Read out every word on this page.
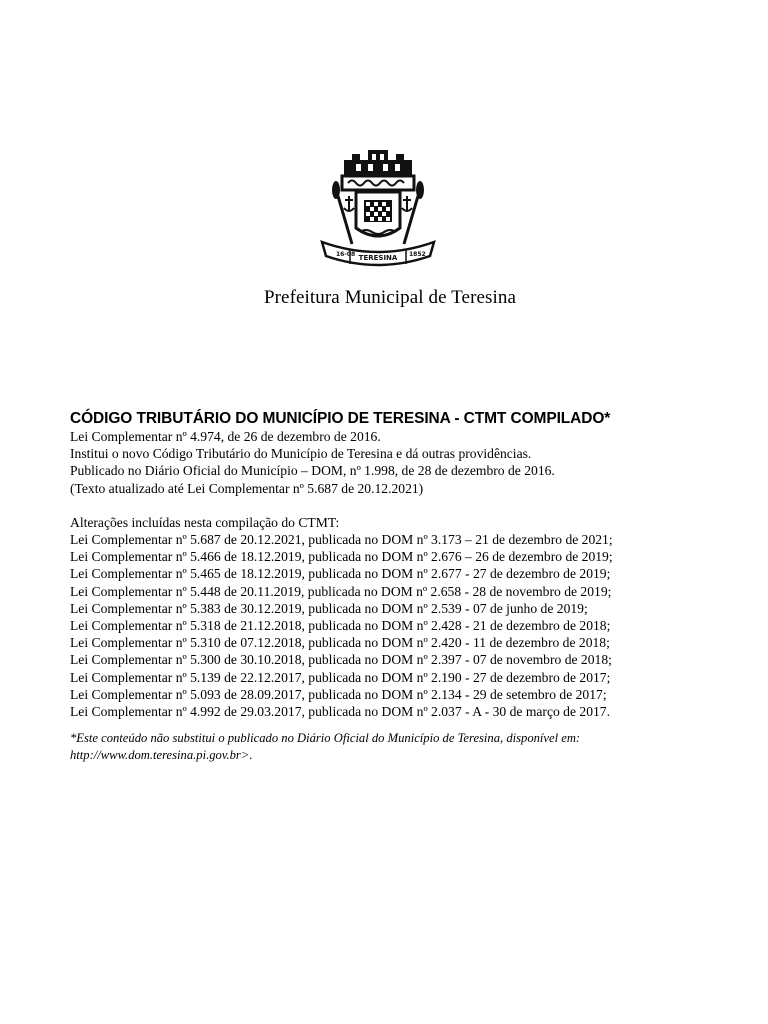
16-08 TERESINA 1852
Prefeitura Municipal de Teresina
CÓDIGO TRIBUTÁRIO DO MUNICÍPIO DE TERESINA - CTMT COMPILADO*
Lei Complementar nº 4.974, de 26 de dezembro de 2016.
Institui o novo Código Tributário do Município de Teresina e dá outras providências.
Publicado no Diário Oficial do Município – DOM, nº 1.998, de 28 de dezembro de 2016.
(Texto atualizado até Lei Complementar nº 5.687 de 20.12.2021)
Alterações incluídas nesta compilação do CTMT:
Lei Complementar nº 5.687 de 20.12.2021, publicada no DOM nº 3.173 – 21 de dezembro de 2021;
Lei Complementar nº 5.466 de 18.12.2019, publicada no DOM nº 2.676 – 26 de dezembro de 2019;
Lei Complementar nº 5.465 de 18.12.2019, publicada no DOM nº 2.677 - 27 de dezembro de 2019;
Lei Complementar nº 5.448 de 20.11.2019, publicada no DOM nº 2.658 - 28 de novembro de 2019;
Lei Complementar nº 5.383 de 30.12.2019, publicada no DOM nº 2.539 - 07 de junho de 2019;
Lei Complementar nº 5.318 de 21.12.2018, publicada no DOM nº 2.428 - 21 de dezembro de 2018;
Lei Complementar nº 5.310 de 07.12.2018, publicada no DOM nº 2.420 - 11 de dezembro de 2018;
Lei Complementar nº 5.300 de 30.10.2018, publicada no DOM nº 2.397 - 07 de novembro de 2018;
Lei Complementar nº 5.139 de 22.12.2017, publicada no DOM nº 2.190 - 27 de dezembro de 2017;
Lei Complementar nº 5.093 de 28.09.2017, publicada no DOM nº 2.134 - 29 de setembro de 2017;
Lei Complementar nº 4.992 de 29.03.2017, publicada no DOM nº 2.037 - A - 30 de março de 2017.
*Este conteúdo não substitui o publicado no Diário Oficial do Município de Teresina, disponível em:
http://www.dom.teresina.pi.gov.br>.
